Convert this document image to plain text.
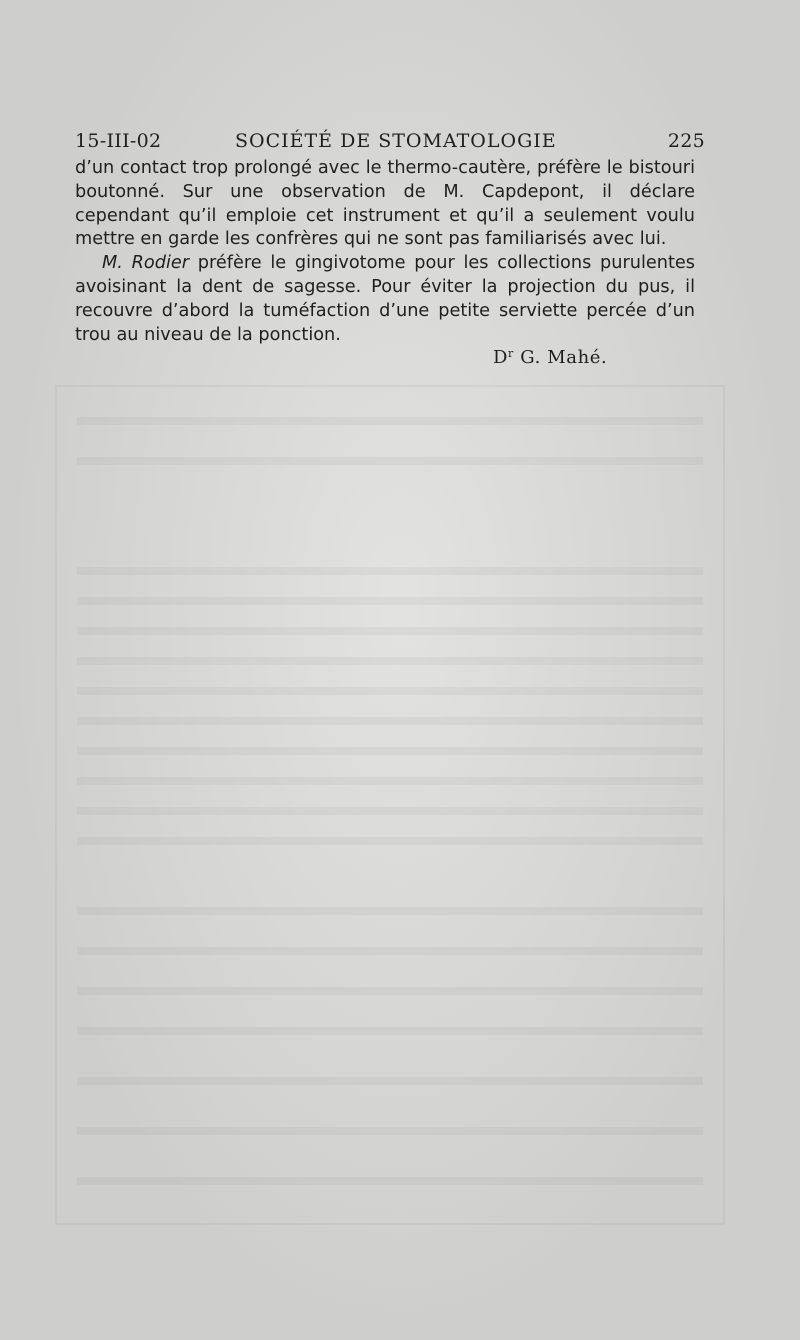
15-III-02	SOCIÉTÉ DE STOMATOLOGIE	225

d’un contact trop prolongé avec le thermo-cautère, préfère le bistouri boutonné. Sur une observation de M. Capdepont, il déclare cependant qu’il emploie cet instrument et qu’il a seulement voulu mettre en garde les confrères qui ne sont pas familiarisés avec lui.

M. Rodier préfère le gingivotome pour les collections purulentes avoisinant la dent de sagesse. Pour éviter la projection du pus, il recouvre d’abord la tuméfaction d’une petite serviette percée d’un trou au niveau de la ponction.

$D^r$ G. Mahé.
